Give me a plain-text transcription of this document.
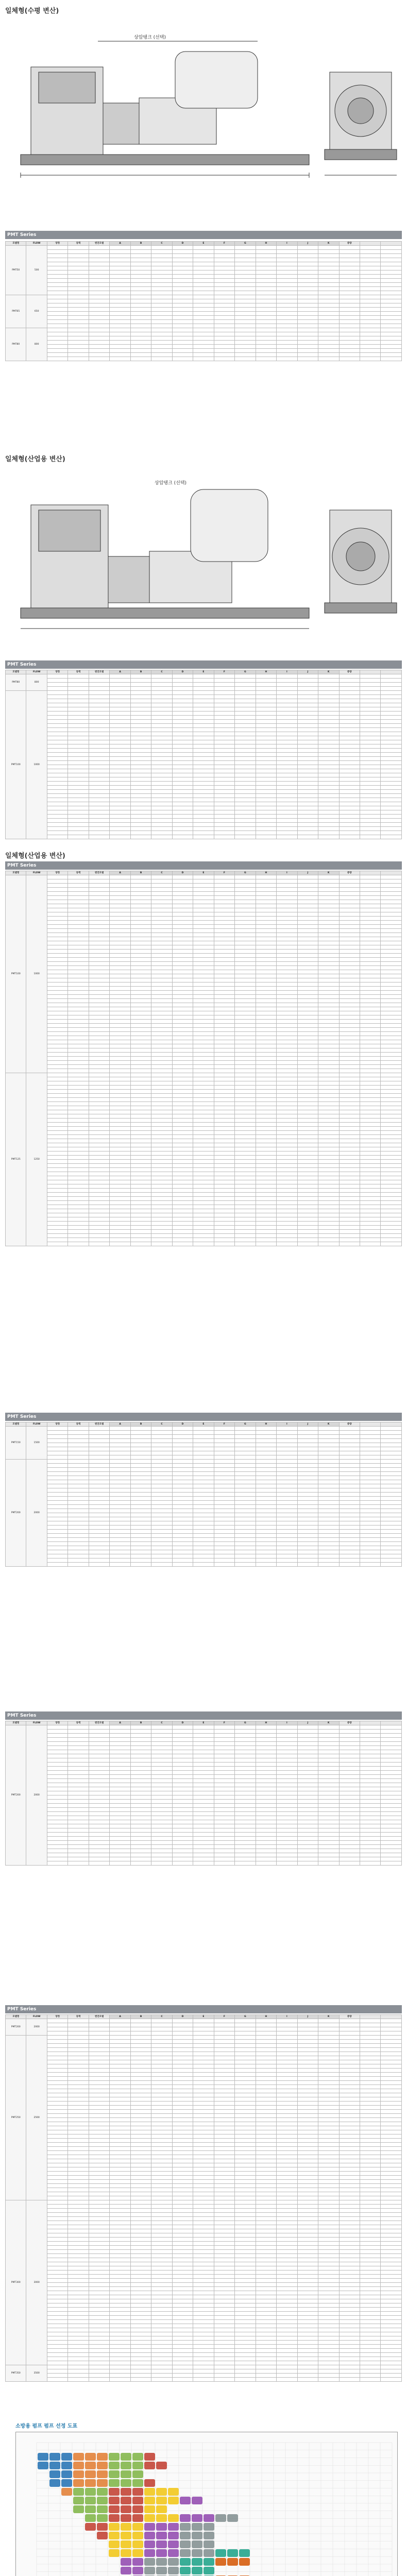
일체형(수평 변산)
상압탱크 (선택)
PMT Series
모델명	FLOW	양정	동력	엔진모델	A	B	C	D	E	F	G	H	I	J	K	중량		
PMT50	500																	

PMT65	650																	

PMT80	800																	

일체형(산업용 변산)
상압탱크 (선택)
PMT Series
모델명	FLOW	양정	동력	엔진모델	A	B	C	D	E	F	G	H	I	J	K	중량		
PMT80	800																	

PMT100	1000																	

일체형(산업용 변산)
PMT Series
모델명	FLOW	양정	동력	엔진모델	A	B	C	D	E	F	G	H	I	J	K	중량		
PMT100	1000																	

PMT125	1250																	

PMT Series
모델명	FLOW	양정	동력	엔진모델	A	B	C	D	E	F	G	H	I	J	K	중량		
PMT150	1500																	

PMT200	2000																	

PMT Series
모델명	FLOW	양정	동력	엔진모델	A	B	C	D	E	F	G	H	I	J	K	중량		
PMT200	2000																	

PMT Series
모델명	FLOW	양정	동력	엔진모델	A	B	C	D	E	F	G	H	I	J	K	중량		
PMT200	2000																	

PMT250	2500																	

PMT300	3000																	

PMT350	3500																	

소방용 펌프 펌프 선정 도표
